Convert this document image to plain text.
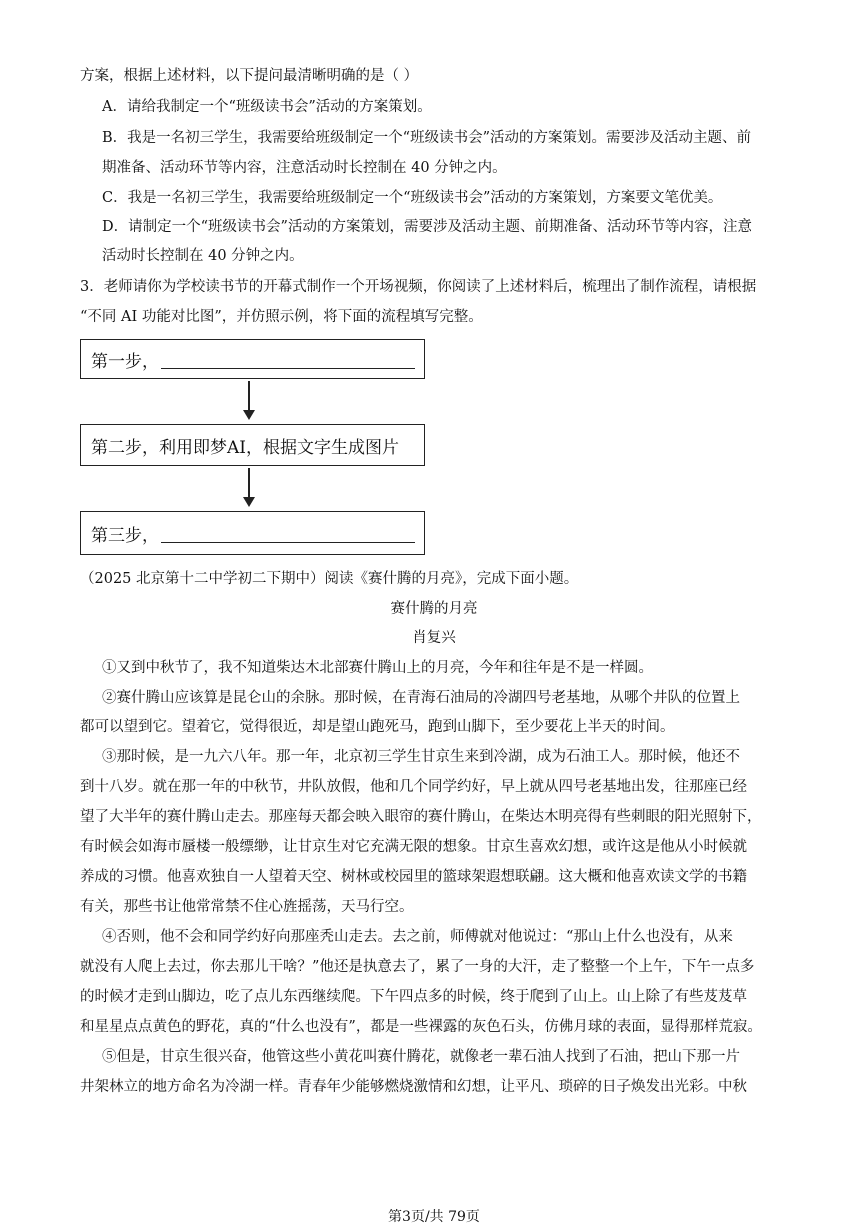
方案，根据上述材料，以下提问最清晰明确的是（ ）
A．请给我制定一个“班级读书会”活动的方案策划。
B．我是一名初三学生，我需要给班级制定一个“班级读书会”活动的方案策划。需要涉及活动主题、前
期准备、活动环节等内容，注意活动时长控制在 40 分钟之内。
C．我是一名初三学生，我需要给班级制定一个“班级读书会”活动的方案策划，方案要文笔优美。
D．请制定一个“班级读书会”活动的方案策划，需要涉及活动主题、前期准备、活动环节等内容，注意
活动时长控制在 40 分钟之内。
3．老师请你为学校读书节的开幕式制作一个开场视频，你阅读了上述材料后，梳理出了制作流程，请根据
“不同 AI 功能对比图”，并仿照示例，将下面的流程填写完整。
第一步，
第二步，利用即梦AI，根据文字生成图片
第三步，
（2025 北京第十二中学初二下期中）阅读《赛什腾的月亮》，完成下面小题。
赛什腾的月亮
肖复兴
①又到中秋节了，我不知道柴达木北部赛什腾山上的月亮，今年和往年是不是一样圆。
②赛什腾山应该算是昆仑山的余脉。那时候，在青海石油局的冷湖四号老基地，从哪个井队的位置上
都可以望到它。望着它，觉得很近，却是望山跑死马，跑到山脚下，至少要花上半天的时间。
③那时候，是一九六八年。那一年，北京初三学生甘京生来到冷湖，成为石油工人。那时候，他还不
到十八岁。就在那一年的中秋节，井队放假，他和几个同学约好，早上就从四号老基地出发，往那座已经
望了大半年的赛什腾山走去。那座每天都会映入眼帘的赛什腾山，在柴达木明亮得有些刺眼的阳光照射下，
有时候会如海市蜃楼一般缥缈，让甘京生对它充满无限的想象。甘京生喜欢幻想，或许这是他从小时候就
养成的习惯。他喜欢独自一人望着天空、树林或校园里的篮球架遐想联翩。这大概和他喜欢读文学的书籍
有关，那些书让他常常禁不住心旌摇荡，天马行空。
④否则，他不会和同学约好向那座秃山走去。去之前，师傅就对他说过：“那山上什么也没有，从来
就没有人爬上去过，你去那儿干啥？”他还是执意去了，累了一身的大汗，走了整整一个上午，下午一点多
的时候才走到山脚边，吃了点儿东西继续爬。下午四点多的时候，终于爬到了山上。山上除了有些芨芨草
和星星点点黄色的野花，真的“什么也没有”，都是一些裸露的灰色石头，仿佛月球的表面，显得那样荒寂。
⑤但是，甘京生很兴奋，他管这些小黄花叫赛什腾花，就像老一辈石油人找到了石油，把山下那一片
井架林立的地方命名为冷湖一样。青春年少能够燃烧激情和幻想，让平凡、琐碎的日子焕发出光彩。中秋
第3页/共 79页
